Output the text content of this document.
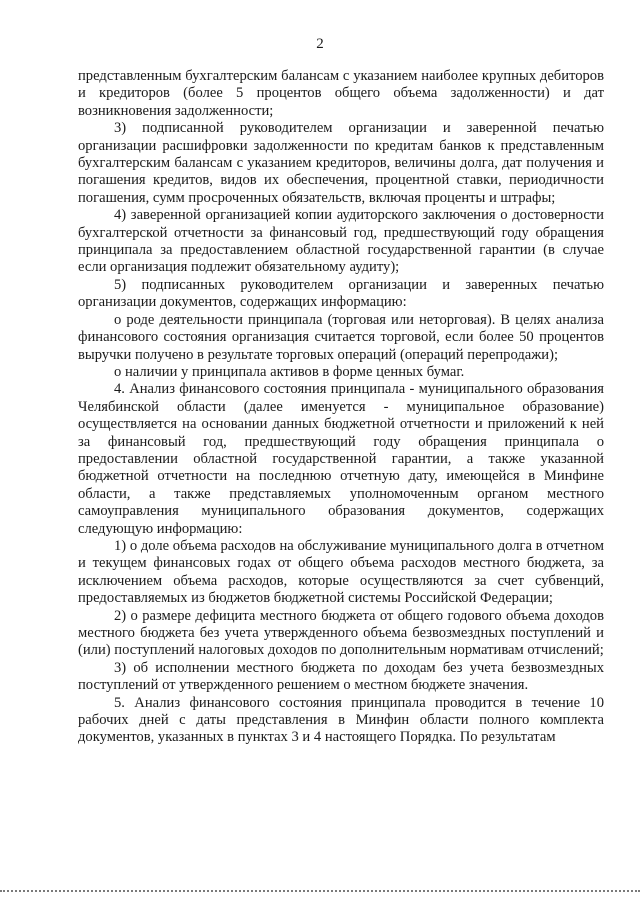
2

представленным бухгалтерским балансам с указанием наиболее крупных дебиторов и кредиторов (более 5 процентов общего объема задолженности) и дат возникновения задолженности;

3) подписанной руководителем организации и заверенной печатью организации расшифровки задолженности по кредитам банков к представленным бухгалтерским балансам с указанием кредиторов, величины долга, дат получения и погашения кредитов, видов их обеспечения, процентной ставки, периодичности погашения, сумм просроченных обязательств, включая проценты и штрафы;

4) заверенной организацией копии аудиторского заключения о достоверности бухгалтерской отчетности за финансовый год, предшествующий году обращения принципала за предоставлением областной государственной гарантии (в случае если организация подлежит обязательному аудиту);

5) подписанных руководителем организации и заверенных печатью организации документов, содержащих информацию:

о роде деятельности принципала (торговая или неторговая). В целях анализа финансового состояния организация считается торговой, если более 50 процентов выручки получено в результате торговых операций (операций перепродажи);

о наличии у принципала активов в форме ценных бумаг.

4. Анализ финансового состояния принципала - муниципального образования Челябинской области (далее именуется - муниципальное образование) осуществляется на основании данных бюджетной отчетности и приложений к ней за финансовый год, предшествующий году обращения принципала о предоставлении областной государственной гарантии, а также указанной бюджетной отчетности на последнюю отчетную дату, имеющейся в Минфине области, а также представляемых уполномоченным органом местного самоуправления муниципального образования документов, содержащих следующую информацию:

1) о доле объема расходов на обслуживание муниципального долга в отчетном и текущем финансовых годах от общего объема расходов местного бюджета, за исключением объема расходов, которые осуществляются за счет субвенций, предоставляемых из бюджетов бюджетной системы Российской Федерации;

2) о размере дефицита местного бюджета от общего годового объема доходов местного бюджета без учета утвержденного объема безвозмездных поступлений и (или) поступлений налоговых доходов по дополнительным нормативам отчислений;

3) об исполнении местного бюджета по доходам без учета безвозмездных поступлений от утвержденного решением о местном бюджете значения.

5. Анализ финансового состояния принципала проводится в течение 10 рабочих дней с даты представления в Минфин области полного комплекта документов, указанных в пунктах 3 и 4 настоящего Порядка. По результатам
